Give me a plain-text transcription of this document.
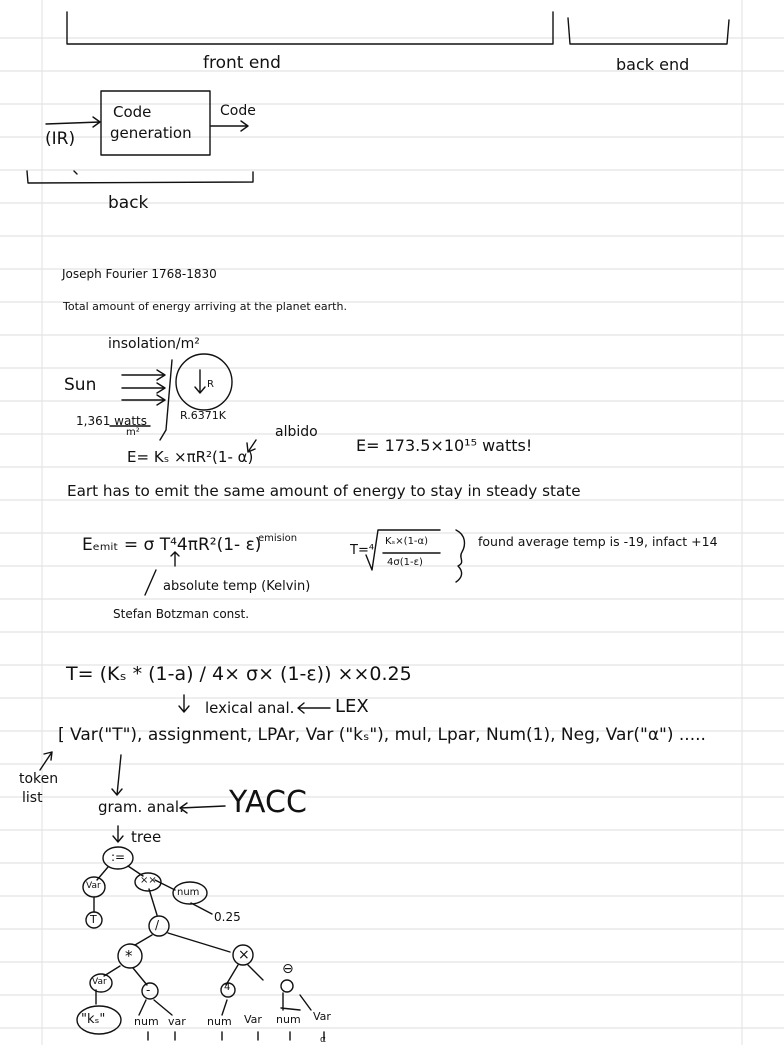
front end	back end
(IR)
Code
generation
Code
back
Joseph Fourier 1768-1830
Total amount of energy arriving at the planet earth.
insolation/m²
Sun	R
R.6371K
1,361 watts
m²
E= Kₛ ×πR²(1- α)
albido
E= 173.5×10¹⁵ watts!
Eart has to emit the same amount of energy to stay in steady state
Eₑₘᵢₜ = σ T⁴4πR²(1- ε)
emision
T=⁴
Kₛ×(1-α)
4σ(1-ε)
found average temp is -19, infact +14
absolute temp (Kelvin)
Stefan Botzman const.
T= (Kₛ * (1-a) / 4× σ× (1-ε)) ××0.25
lexical anal. LEX
[ Var("T"), assignment, LPAr, Var ("kₛ"), mul, Lpar, Num(1), Neg, Var("α") .....
token
list	gram. anal. YACC
tree
:=
××
num
0.25
Var
T	/
*	×
⊖
Var
"kₛ"
-
num var
4
num Var num Var
α
